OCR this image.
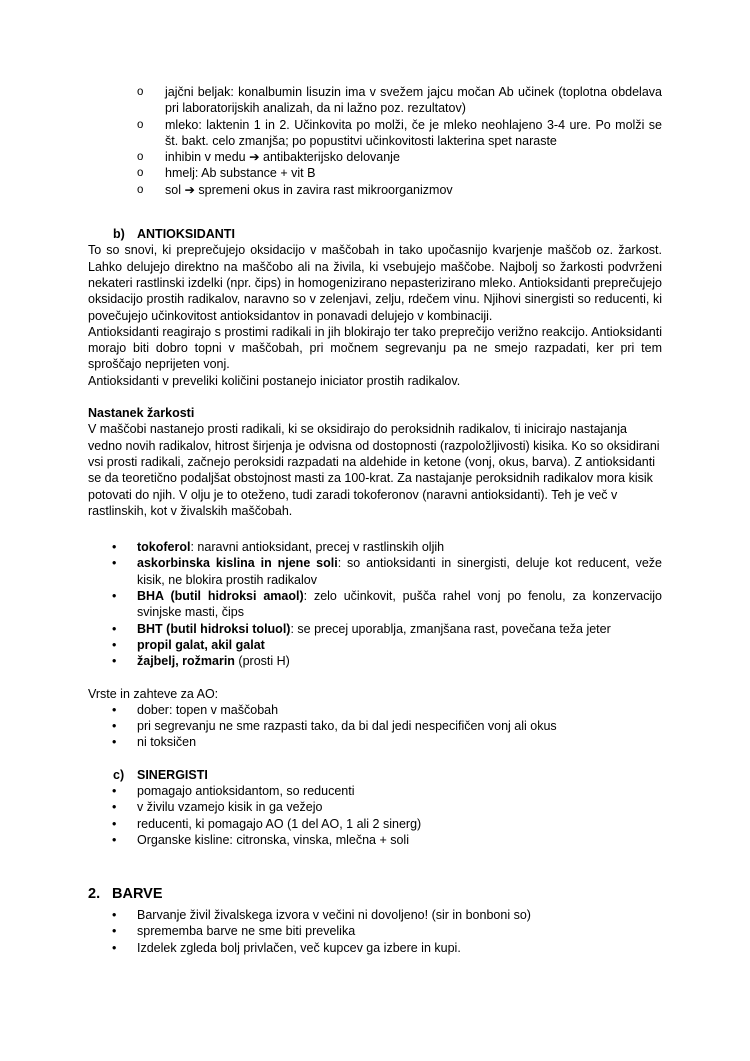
o jajčni beljak: konalbumin lisuzin ima v svežem jajcu močan Ab učinek (toplotna obdelava pri laboratorijskih analizah, da ni lažno poz. rezultatov)
o mleko: laktenin 1 in 2. Učinkovita po molži, če je mleko neohlajeno 3-4 ure. Po molži se št. bakt. celo zmanjša; po popustitvi učinkovitosti lakterina spet naraste
o inhibin v medu ➔ antibakterijsko delovanje
o hmelj: Ab substance + vit B
o sol ➔ spremeni okus in zavira rast mikroorganizmov

b) ANTIOKSIDANTI

To so snovi, ki preprečujejo oksidacijo v maščobah in tako upočasnijo kvarjenje maščob oz. žarkost. Lahko delujejo direktno na maščobo ali na živila, ki vsebujejo maščobe. Najbolj so žarkosti podvrženi nekateri rastlinski izdelki (npr. čips) in homogenizirano nepasterizirano mleko. Antioksidanti preprečujejo oksidacijo prostih radikalov, naravno so v zelenjavi, zelju, rdečem vinu. Njihovi sinergisti so reducenti, ki povečujejo učinkovitost antioksidantov in ponavadi delujejo v kombinaciji.

Antioksidanti reagirajo s prostimi radikali in jih blokirajo ter tako preprečijo verižno reakcijo. Antioksidanti morajo biti dobro topni v maščobah, pri močnem segrevanju pa ne smejo razpadati, ker pri tem sproščajo neprijeten vonj.

Antioksidanti v preveliki količini postanejo iniciator prostih radikalov.

Nastanek žarkosti

V maščobi nastanejo prosti radikali, ki se oksidirajo do peroksidnih radikalov, ti inicirajo nastajanja vedno novih radikalov, hitrost širjenja je odvisna od dostopnosti (razpoložljivosti) kisika. Ko so oksidirani vsi prosti radikali, začnejo peroksidi razpadati na aldehide in ketone (vonj, okus, barva). Z antioksidanti se da teoretično podaljšat obstojnost masti za 100-krat. Za nastajanje peroksidnih radikalov mora kisik potovati do njih. V olju je to oteženo, tudi zaradi tokoferonov (naravni antioksidanti). Teh je več v rastlinskih, kot v živalskih maščobah.

• tokoferol: naravni antioksidant, precej v rastlinskih oljih
• askorbinska kislina in njene soli: so antioksidanti in sinergisti, deluje kot reducent, veže kisik, ne blokira prostih radikalov
• BHA (butil hidroksi amaol): zelo učinkovit, pušča rahel vonj po fenolu, za konzervacijo svinjske masti, čips
• BHT (butil hidroksi toluol): se precej uporablja, zmanjšana rast, povečana teža jeter
• propil galat, akil galat
• žajbelj, rožmarin (prosti H)

Vrste in zahteve za AO:

• dober: topen v maščobah
• pri segrevanju ne sme razpasti tako, da bi dal jedi nespecifičen vonj ali okus
• ni toksičen

c) SINERGISTI

• pomagajo antioksidantom, so reducenti
• v živilu vzamejo kisik in ga vežejo
• reducenti, ki pomagajo AO (1 del AO, 1 ali 2 sinerg)
• Organske kisline: citronska, vinska, mlečna + soli

2. BARVE

• Barvanje živil živalskega izvora v večini ni dovoljeno! (sir in bonboni so)
• sprememba barve ne sme biti prevelika
• Izdelek zgleda bolj privlačen, več kupcev ga izbere in kupi.
